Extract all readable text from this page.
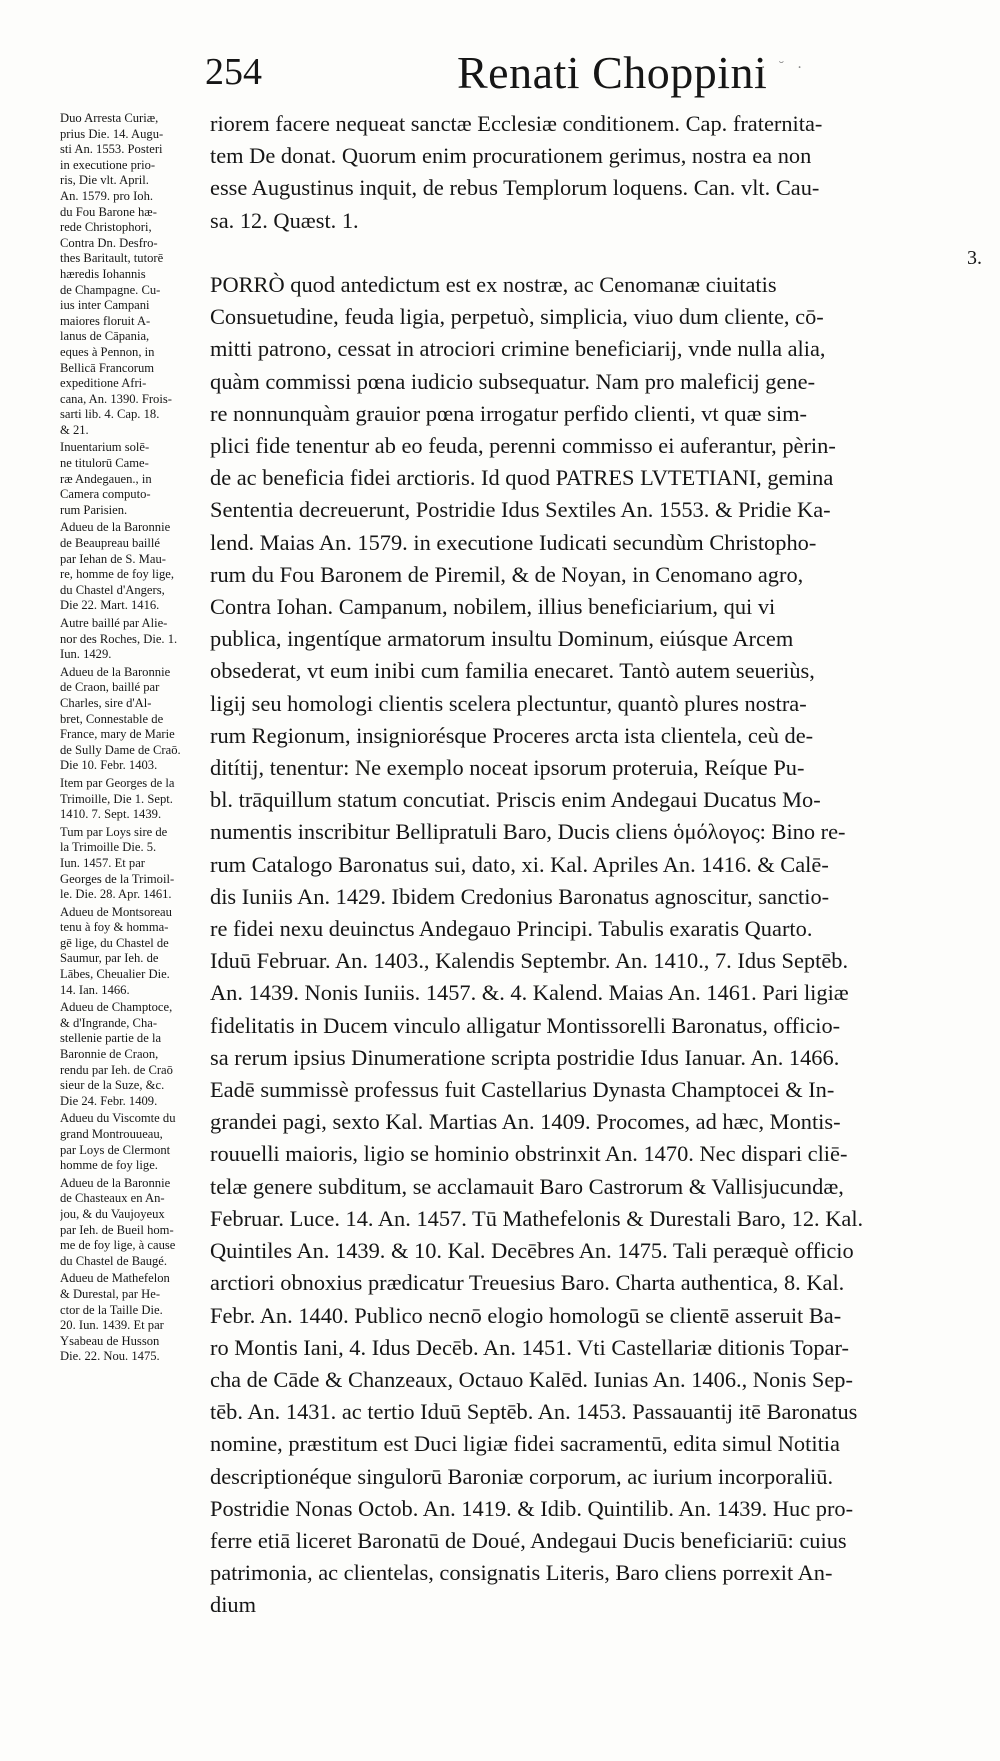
254	Renati Choppini
· ˘ ·
Duo Arresta Curiæ,
prius Die. 14. Augu-
sti An. 1553. Posteri
in executione prio-
ris, Die vlt. April.
An. 1579. pro Ioh.
du Fou Barone hæ-
rede Christophori,
Contra Dn. Desfro-
thes Baritault, tutorē
hæredis Iohannis
de Champagne. Cu-
ius inter Campani
maiores floruit A-
lanus de Cāpania,
eques à Pennon, in
Bellicā Francorum
expeditione Afri-
cana, An. 1390. Frois-
sarti lib. 4. Cap. 18.
& 21.
Inuentarium solē-
ne titulorū Came-
ræ Andegauen., in
Camera computo-
rum Parisien.
Adueu de la Baronnie
de Beaupreau baillé
par Iehan de S. Mau-
re, homme de foy lige,
du Chastel d'Angers,
Die 22. Mart. 1416.
Autre baillé par Alie-
nor des Roches, Die. 1.
Iun. 1429.
Adueu de la Baronnie
de Craon, baillé par
Charles, sire d'Al-
bret, Connestable de
France, mary de Marie
de Sully Dame de Craō.
Die 10. Febr. 1403.
Item par Georges de la
Trimoille, Die 1. Sept.
1410. 7. Sept. 1439.
Tum par Loys sire de
la Trimoille Die. 5.
Iun. 1457. Et par
Georges de la Trimoil-
le. Die. 28. Apr. 1461.
Adueu de Montsoreau
tenu à foy & homma-
gē lige, du Chastel de
Saumur, par Ieh. de
Lābes, Cheualier Die.
14. Ian. 1466.
Adueu de Champtoce,
& d'Ingrande, Cha-
stellenie partie de la
Baronnie de Craon,
rendu par Ieh. de Craō
sieur de la Suze, &c.
Die 24. Febr. 1409.
Adueu du Viscomte du
grand Montrouueau,
par Loys de Clermont
homme de foy lige.
Adueu de la Baronnie
de Chasteaux en An-
jou, & du Vaujoyeux
par Ieh. de Bueil hom-
me de foy lige, à cause
du Chastel de Baugé.
Adueu de Mathefelon
& Durestal, par He-
ctor de la Taille Die.
20. Iun. 1439. Et par
Ysabeau de Husson
Die. 22. Nou. 1475.
riorem facere nequeat sanctæ Ecclesiæ conditionem. Cap. fraternita-
tem De donat. Quorum enim procurationem gerimus, nostra ea non
esse Augustinus inquit, de rebus Templorum loquens. Can. vlt. Cau-
sa. 12. Quæst. 1.

PORRÒ quod antedictum est ex nostræ, ac Cenomanæ ciuitatis
Consuetudine, feuda ligia, perpetuò, simplicia, viuo dum cliente, cō-
mitti patrono, cessat in atrociori crimine beneficiarij, vnde nulla alia,
quàm commissi pœna iudicio subsequatur. Nam pro maleficij gene-
re nonnunquàm grauior pœna irrogatur perfido clienti, vt quæ sim-
plici fide tenentur ab eo feuda, perenni commisso ei auferantur, pèrin-
de ac beneficia fidei arctioris. Id quod PATRES LVTETIANI, gemina
Sententia decreuerunt, Postridie Idus Sextiles An. 1553. & Pridie Ka-
lend. Maias An. 1579. in executione Iudicati secundùm Christopho-
rum du Fou Baronem de Piremil, & de Noyan, in Cenomano agro,
Contra Iohan. Campanum, nobilem, illius beneficiarium, qui vi
publica, ingentíque armatorum insultu Dominum, eiúsque Arcem
obsederat, vt eum inibi cum familia enecaret. Tantò autem seueriùs,
ligij seu homologi clientis scelera plectuntur, quantò plures nostra-
rum Regionum, insigniorésque Proceres arcta ista clientela, ceù de-
ditítij, tenentur: Ne exemplo noceat ipsorum proteruia, Reíque Pu-
bl. trāquillum statum concutiat. Priscis enim Andegaui Ducatus Mo-
numentis inscribitur Bellipratuli Baro, Ducis cliens ὁμόλογος: Bino re-
rum Catalogo Baronatus sui, dato, xi. Kal. Apriles An. 1416. & Calē-
dis Iuniis An. 1429. Ibidem Credonius Baronatus agnoscitur, sanctio-
re fidei nexu deuinctus Andegauo Principi. Tabulis exaratis Quarto.
Iduū Februar. An. 1403., Kalendis Septembr. An. 1410., 7. Idus Septēb.
An. 1439. Nonis Iuniis. 1457. &. 4. Kalend. Maias An. 1461. Pari ligiæ
fidelitatis in Ducem vinculo alligatur Montissorelli Baronatus, officio-
sa rerum ipsius Dinumeratione scripta postridie Idus Ianuar. An. 1466.
Eadē summissè professus fuit Castellarius Dynasta Champtocei & In-
grandei pagi, sexto Kal. Martias An. 1409. Procomes, ad hæc, Montis-
rouuelli maioris, ligio se hominio obstrinxit An. 1470. Nec dispari cliē-
telæ genere subditum, se acclamauit Baro Castrorum & Vallisjucundæ,
Februar. Luce. 14. An. 1457. Tū Mathefelonis & Durestali Baro, 12. Kal.
Quintiles An. 1439. & 10. Kal. Decēbres An. 1475. Tali peræquè officio
arctiori obnoxius prædicatur Treuesius Baro. Charta authentica, 8. Kal.
Febr. An. 1440. Publico necnō elogio homologū se clientē asseruit Ba-
ro Montis Iani, 4. Idus Decēb. An. 1451. Vti Castellariæ ditionis Topar-
cha de Cāde & Chanzeaux, Octauo Kalēd. Iunias An. 1406., Nonis Sep-
tēb. An. 1431. ac tertio Iduū Septēb. An. 1453. Passauantij itē Baronatus
nomine, præstitum est Duci ligiæ fidei sacramentū, edita simul Notitia
descriptionéque singulorū Baroniæ corporum, ac iurium incorporaliū.
Postridie Nonas Octob. An. 1419. & Idib. Quintilib. An. 1439. Huc pro-
ferre etiā liceret Baronatū de Doué, Andegaui Ducis beneficiariū: cuius
patrimonia, ac clientelas, consignatis Literis, Baro cliens porrexit An-
dium
3.
